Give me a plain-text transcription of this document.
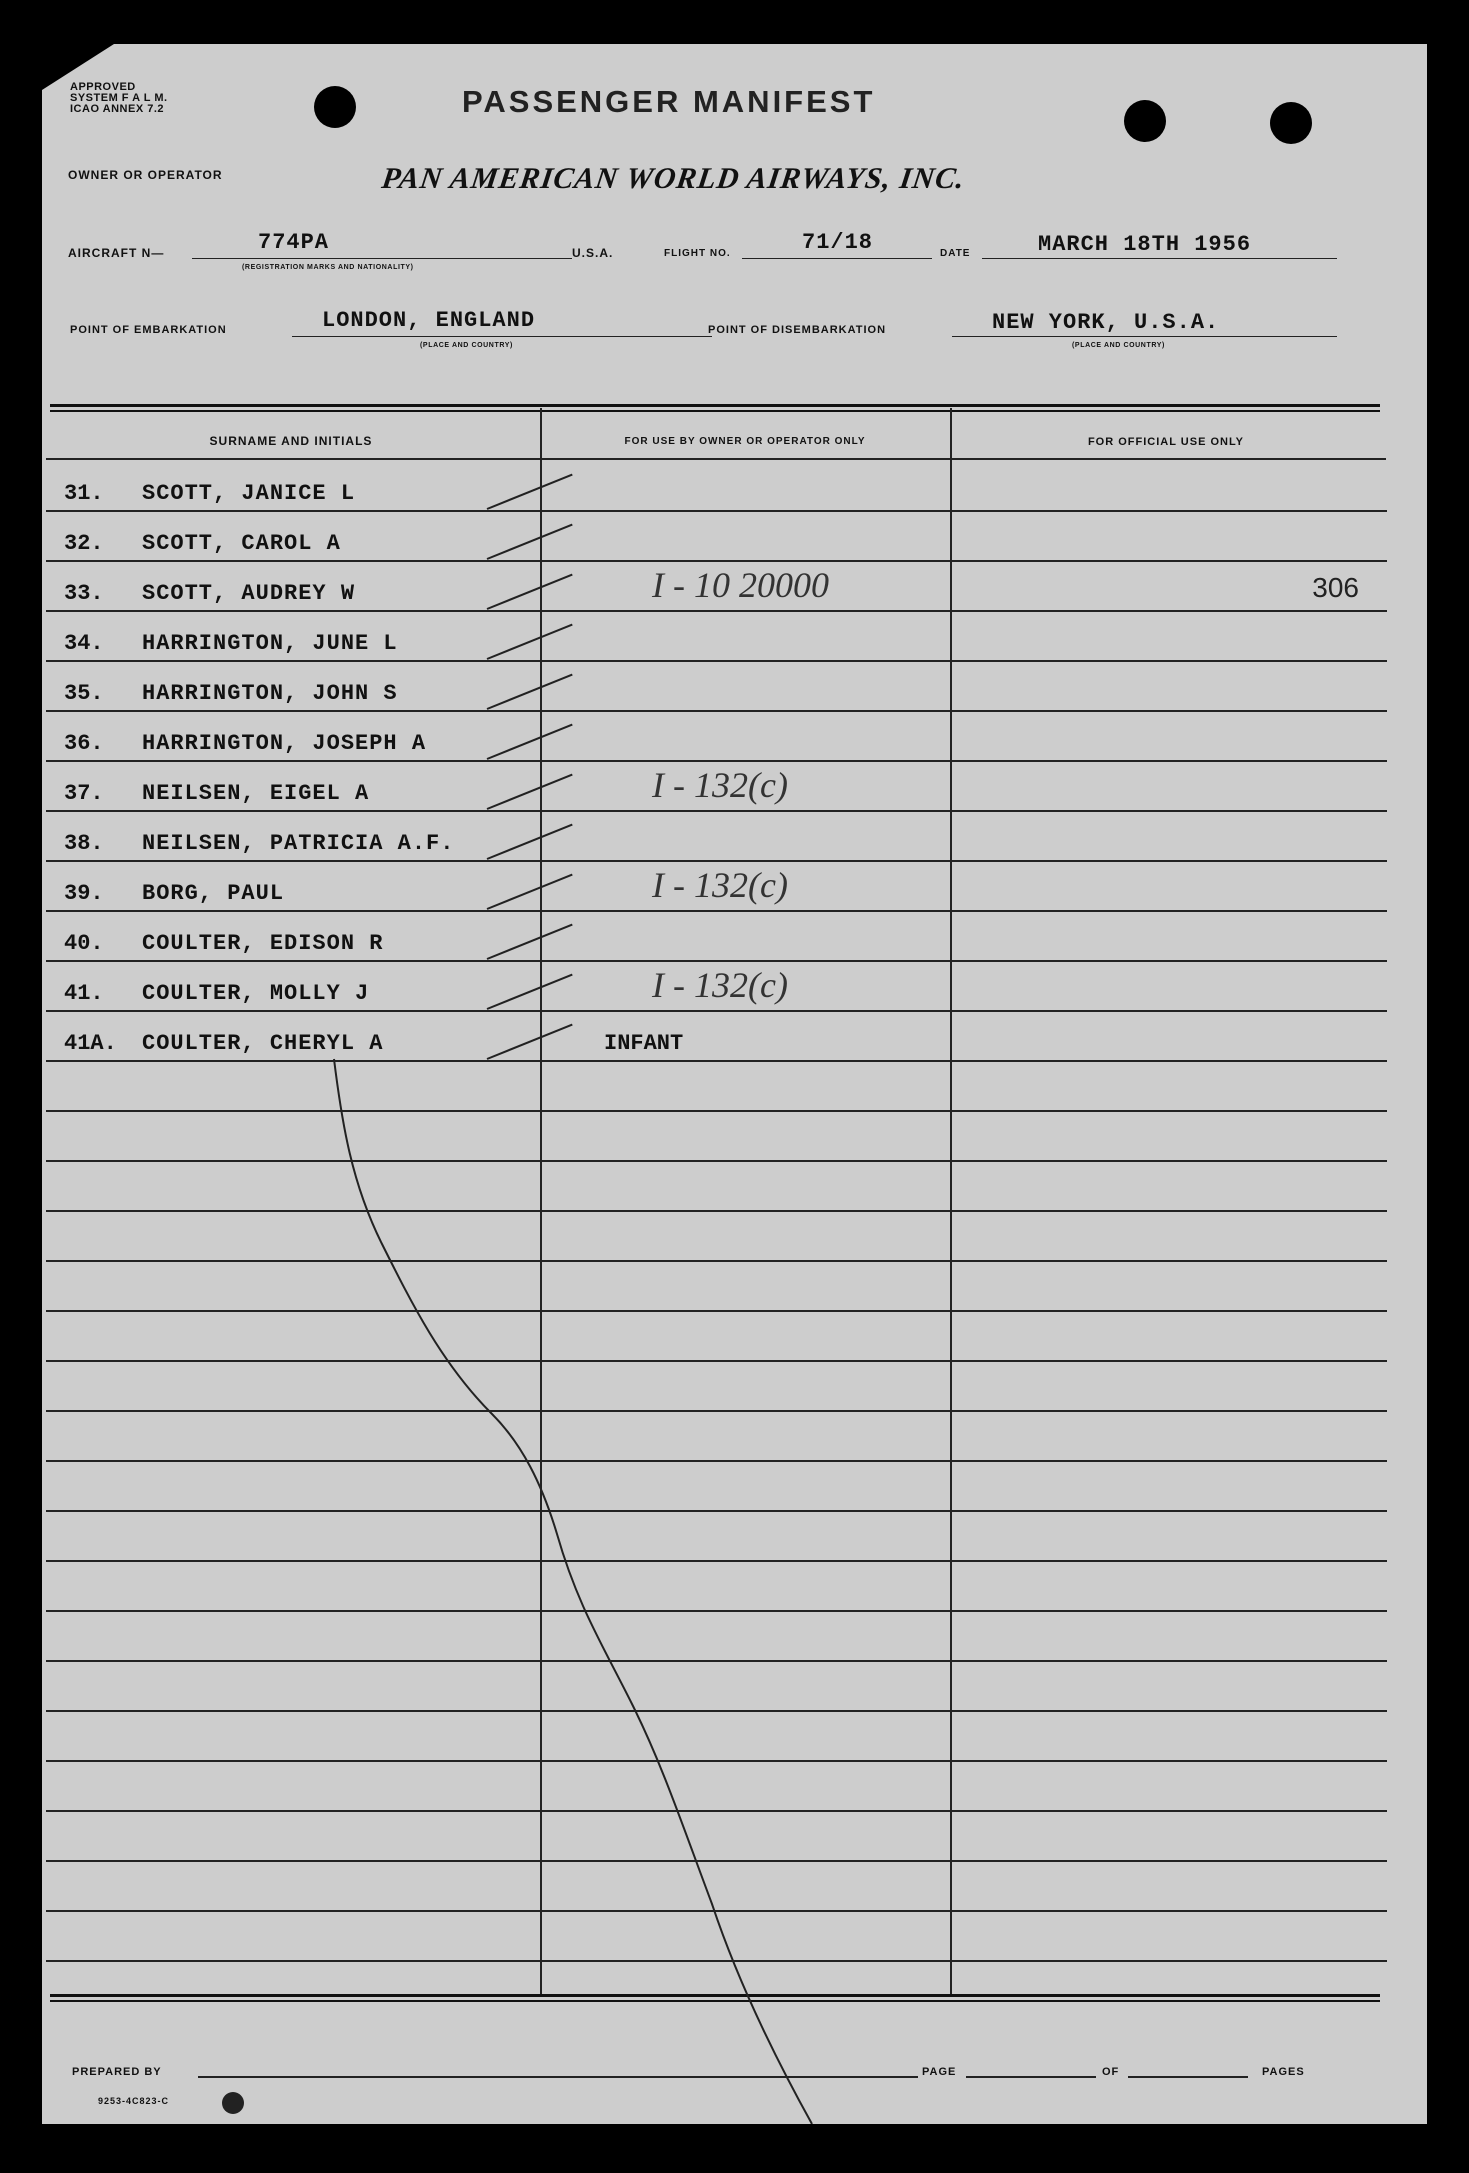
APPROVED
SYSTEM F A L M.
ICAO ANNEX 7.2	PASSENGER MANIFEST
OWNER OR OPERATOR	PAN AMERICAN WORLD AIRWAYS, INC.
AIRCRAFT N—	774PA
(REGISTRATION MARKS AND NATIONALITY)
U.S.A.	FLIGHT NO.	71/18	DATE	MARCH 18TH 1956
POINT OF EMBARKATION	LONDON, ENGLAND
(PLACE AND COUNTRY)
POINT OF DISEMBARKATION	NEW YORK, U.S.A.
(PLACE AND COUNTRY)
SURNAME AND INITIALS	FOR USE BY OWNER OR OPERATOR ONLY	FOR OFFICIAL USE ONLY
31. SCOTT, JANICE L
32. SCOTT, CAROL A
33. SCOTT, AUDREY W	I - 10 20000	306
34. HARRINGTON, JUNE L
35. HARRINGTON, JOHN S
36. HARRINGTON, JOSEPH A
37. NEILSEN, EIGEL A	I - 132(c)
38. NEILSEN, PATRICIA A.F.
39. BORG, PAUL	I - 132(c)
40. COULTER, EDISON R
41. COULTER, MOLLY J	I - 132(c)
41A. COULTER, CHERYL A	INFANT
PREPARED BY	PAGE	OF	PAGES
9253-4C823-C
